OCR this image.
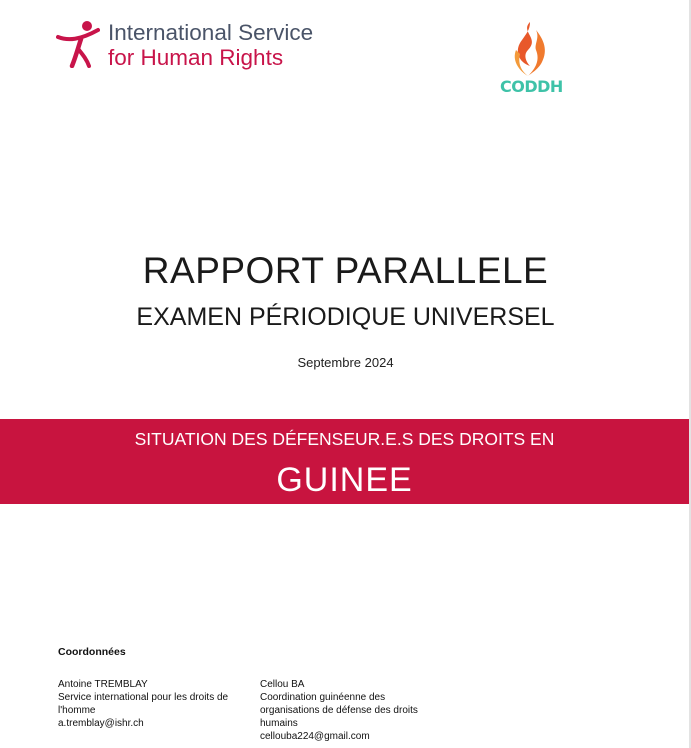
International Service
for Human Rights
CODDH
RAPPORT PARALLELE
EXAMEN PÉRIODIQUE UNIVERSEL
Septembre 2024
SITUATION DES DÉFENSEUR.E.S DES DROITS EN
GUINEE
Coordonnées
Antoine TREMBLAY
Service international pour les droits de l'homme
a.tremblay@ishr.ch
Cellou BA
Coordination guinéenne des organisations de défense des droits humains
cellouba224@gmail.com
